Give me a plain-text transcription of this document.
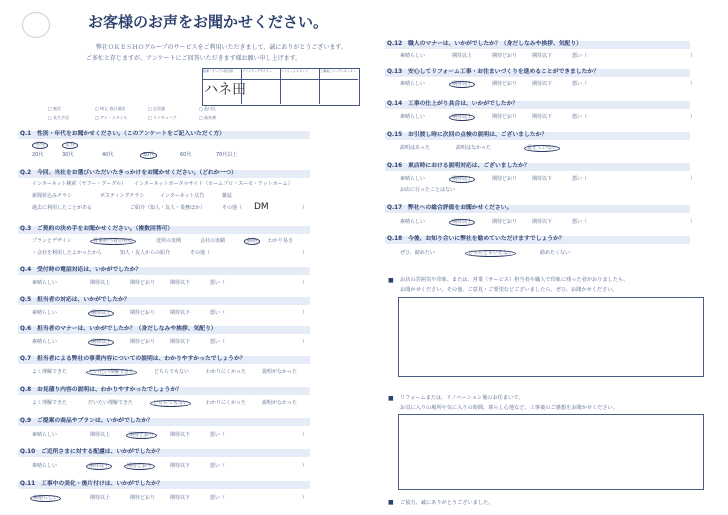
お客様のお声をお聞かせください。
弊社ＯＫＥＳＨＯグループのサービスをご利用いただきまして、誠にありがとうございます。
ご多忙と存じますが、アンケートにご回答いただきます様お願い申し上げます。
営業・サービス担当者	プランナーデザイナー	リフォームスタッフ	工事施工コーディネーター
ハネ田
□ 東京	□ 埼玉 春日部店	□ 広告課	□ 品川区
□ 長久手店	□ アイ・スタイル	□ リノキューブ	□ 高木善
Q.1　 性別・年代をお聞かせください。（このアンケートをご記入いただく方）
男性	女性
20代	30代	40代	50代	60代	70代以上
Q.2　 今回、当社をお選びいただいたきっかけをお聞かせください。（どれか一つ）
インターネット検索（ヤフー・グーグル） インターネットポータルサイト（ホームプロ・スーモ・アットホーム）
新聞折込みチラシ	ポスティングチラシ	インターネット広告	雑誌
過去に利用したことがある	ご紹介（知人・友人・業務ほか）	その他（ DM	）
Q.3　 ご契約の決め手をお聞かせください。（複数回答可）
プランとデザイン	営業担当者の対応	近所の実例	会社の実績	価格	わかり易さ
・会社を利用したよかったから	知人・友人からの紹介	その他（	）
Q.4　 受付時の電話対応は、いかがでしたか？
素晴らしい	期待以上	期待どおり	期待以下	悪い（	）
Q.5　 担当者の対応は、いかがでしたか？
素晴らしい	期待以上	期待どおり	期待以下	悪い（	）
Q.6　 担当者のマナーは、いかがでしたか？（身だしなみや挨拶、気配り）
素晴らしい	期待以上	期待どおり	期待以下	悪い（	）
Q.7　 担当者による弊社の事業内容についての説明は、わかりやすかったでしょうか？
よく理解できた	だいたい理解できた	どちらでもない	わかりにくかった	説明がなかった
Q.8　 お見積り内容の説明は、わかりやすかったでしょうか？
よく理解できた	だいたい理解できた	どちらでもない	わかりにくかった	説明がなかった
Q.9　 ご提案の商品やプランは、いかがでしたか？
素晴らしい	期待以上	期待どおり	期待以下	悪い（	）
Q.10　 ご近所さまに対する配慮は、いかがでしたか？
素晴らしい	期待以上	期待どおり	期待以下	悪い（	）
Q.11　 工事中の美化・後片付けは、いかがでしたか？
素晴らしい	期待以上	期待どおり	期待以下	悪い（	）
Q.12　 職人のマナーは、いかがでしたか？（身だしなみや挨拶、気配り）
素晴らしい	期待以上	期待どおり	期待以下	悪い（	）
Q.13　 安心してリフォーム工事・お住まいづくりを進めることができましたか？
素晴らしい	期待以上	期待どおり	期待以下	悪い（	）
Q.14　 工事の仕上がり具合は、いかがでしたか？
素晴らしい	期待以上	期待どおり	期待以下	悪い（	）
Q.15　 お引渡し時に次回の点検の説明は、ございましたか？
説明はあった	説明はなかった	覚えていない
Q.16　 東店時における説明対応は、ございましたか？
素晴らしい	期待以上	期待どおり	期待以下	悪い（	）
お店に行ったことはない
Q.17　 弊社への総合評価をお聞かせください。
素晴らしい	期待以上	期待どおり	期待以下	悪い（	）
Q.18　 今後、お知り合いに弊社を勧めていただけますでしょうか？
ぜひ、勧めたい	どちらともいえない	勧めたくない
■ お店の雰囲気や印象、または、営業（サービス）担当者や職人で印象に残った者がおりましたら、
お聞かせください。その他、ご意見・ご要望などございましたら、ぜひ、お聞かせください。
■ リフォームまたは、リノベーション後のお住まいで、
お気に入りの場所や気に入りの時間、暮らし心地など、工事後のご感想をお聞かせください。
■ ご協力、誠にありがとうございました。
